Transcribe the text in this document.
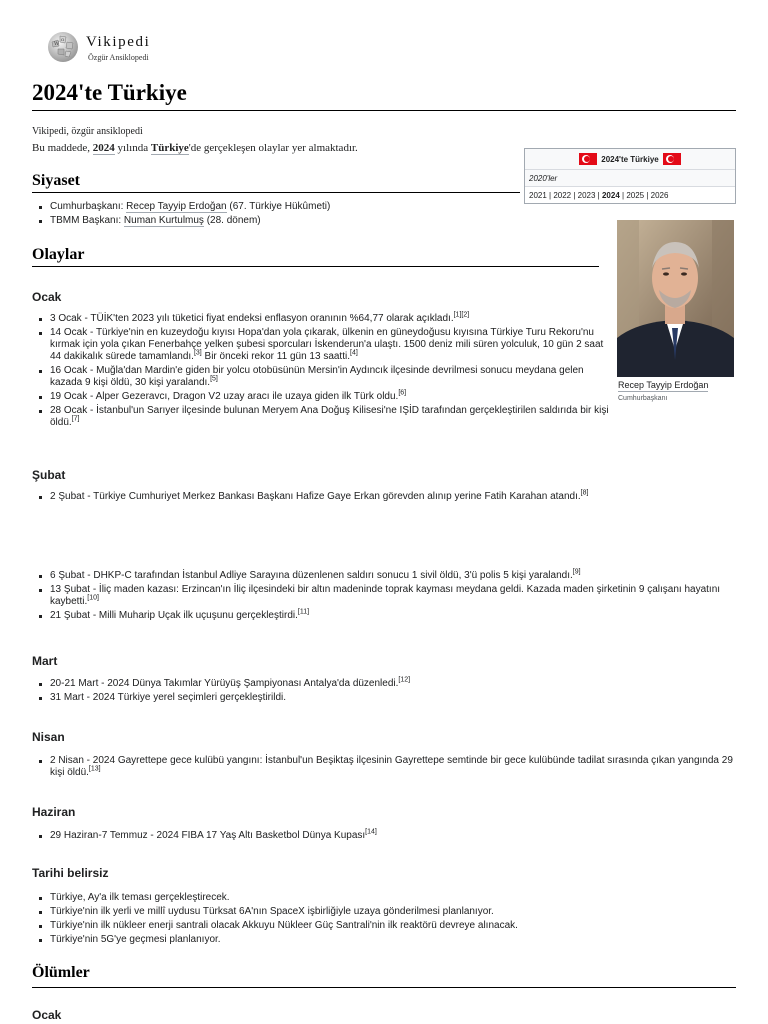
W
Ω Vikipedi
Özgür Ansiklopedi
2024'te Türkiye
Vikipedi, özgür ansiklopedi
Bu maddede, 2024 yılında Türkiye'de gerçekleşen olaylar yer almaktadır.
2024'te Türkiye
2020'ler
2021 | 2022 | 2023 | 2024 | 2025 | 2026
Recep Tayyip Erdoğan
Cumhurbaşkanı
Siyaset
Cumhurbaşkanı: Recep Tayyip Erdoğan (67. Türkiye Hükûmeti)
TBMM Başkanı: Numan Kurtulmuş (28. dönem)
Olaylar
Ocak
3 Ocak - TÜİK'ten 2023 yılı tüketici fiyat endeksi enflasyon oranının %64,77 olarak açıkladı.[1][2]
14 Ocak - Türkiye'nin en kuzeydoğu kıyısı Hopa'dan yola çıkarak, ülkenin en güneydoğusu kıyısına Türkiye Turu Rekoru'nu kırmak için yola çıkan Fenerbahçe yelken şubesi sporcuları İskenderun'a ulaştı. 1500 deniz mili süren yolculuk, 10 gün 2 saat 44 dakikalık sürede tamamlandı.[3] Bir önceki rekor 11 gün 13 saatti.[4]
16 Ocak - Muğla'dan Mardin'e giden bir yolcu otobüsünün Mersin'in Aydıncık ilçesinde devrilmesi sonucu meydana gelen kazada 9 kişi öldü, 30 kişi yaralandı.[5]
19 Ocak - Alper Gezeravcı, Dragon V2 uzay aracı ile uzaya giden ilk Türk oldu.[6]
28 Ocak - İstanbul'un Sarıyer ilçesinde bulunan Meryem Ana Doğuş Kilisesi'ne IŞİD tarafından gerçekleştirilen saldırıda bir kişi öldü.[7]
Şubat
2 Şubat - Türkiye Cumhuriyet Merkez Bankası Başkanı Hafize Gaye Erkan görevden alınıp yerine Fatih Karahan atandı.[8]
6 Şubat - DHKP-C tarafından İstanbul Adliye Sarayına düzenlenen saldırı sonucu 1 sivil öldü, 3'ü polis 5 kişi yaralandı.[9]
13 Şubat - İliç maden kazası: Erzincan'ın İliç ilçesindeki bir altın madeninde toprak kayması meydana geldi. Kazada maden şirketinin 9 çalışanı hayatını kaybetti.[10]
21 Şubat - Milli Muharip Uçak ilk uçuşunu gerçekleştirdi.[11]
Mart
20-21 Mart - 2024 Dünya Takımlar Yürüyüş Şampiyonası Antalya'da düzenledi.[12]
31 Mart - 2024 Türkiye yerel seçimleri gerçekleştirildi.
Nisan
2 Nisan - 2024 Gayrettepe gece kulübü yangını: İstanbul'un Beşiktaş ilçesinin Gayrettepe semtinde bir gece kulübünde tadilat sırasında çıkan yangında 29 kişi öldü.[13]
Haziran
29 Haziran-7 Temmuz - 2024 FIBA 17 Yaş Altı Basketbol Dünya Kupası[14]
Tarihi belirsiz
Türkiye, Ay'a ilk teması gerçekleştirecek.
Türkiye'nin ilk yerli ve millî uydusu Türksat 6A'nın SpaceX işbirliğiyle uzaya gönderilmesi planlanıyor.
Türkiye'nin ilk nükleer enerji santrali olacak Akkuyu Nükleer Güç Santrali'nin ilk reaktörü devreye alınacak.
Türkiye'nin 5G'ye geçmesi planlanıyor.
Ölümler
Ocak
